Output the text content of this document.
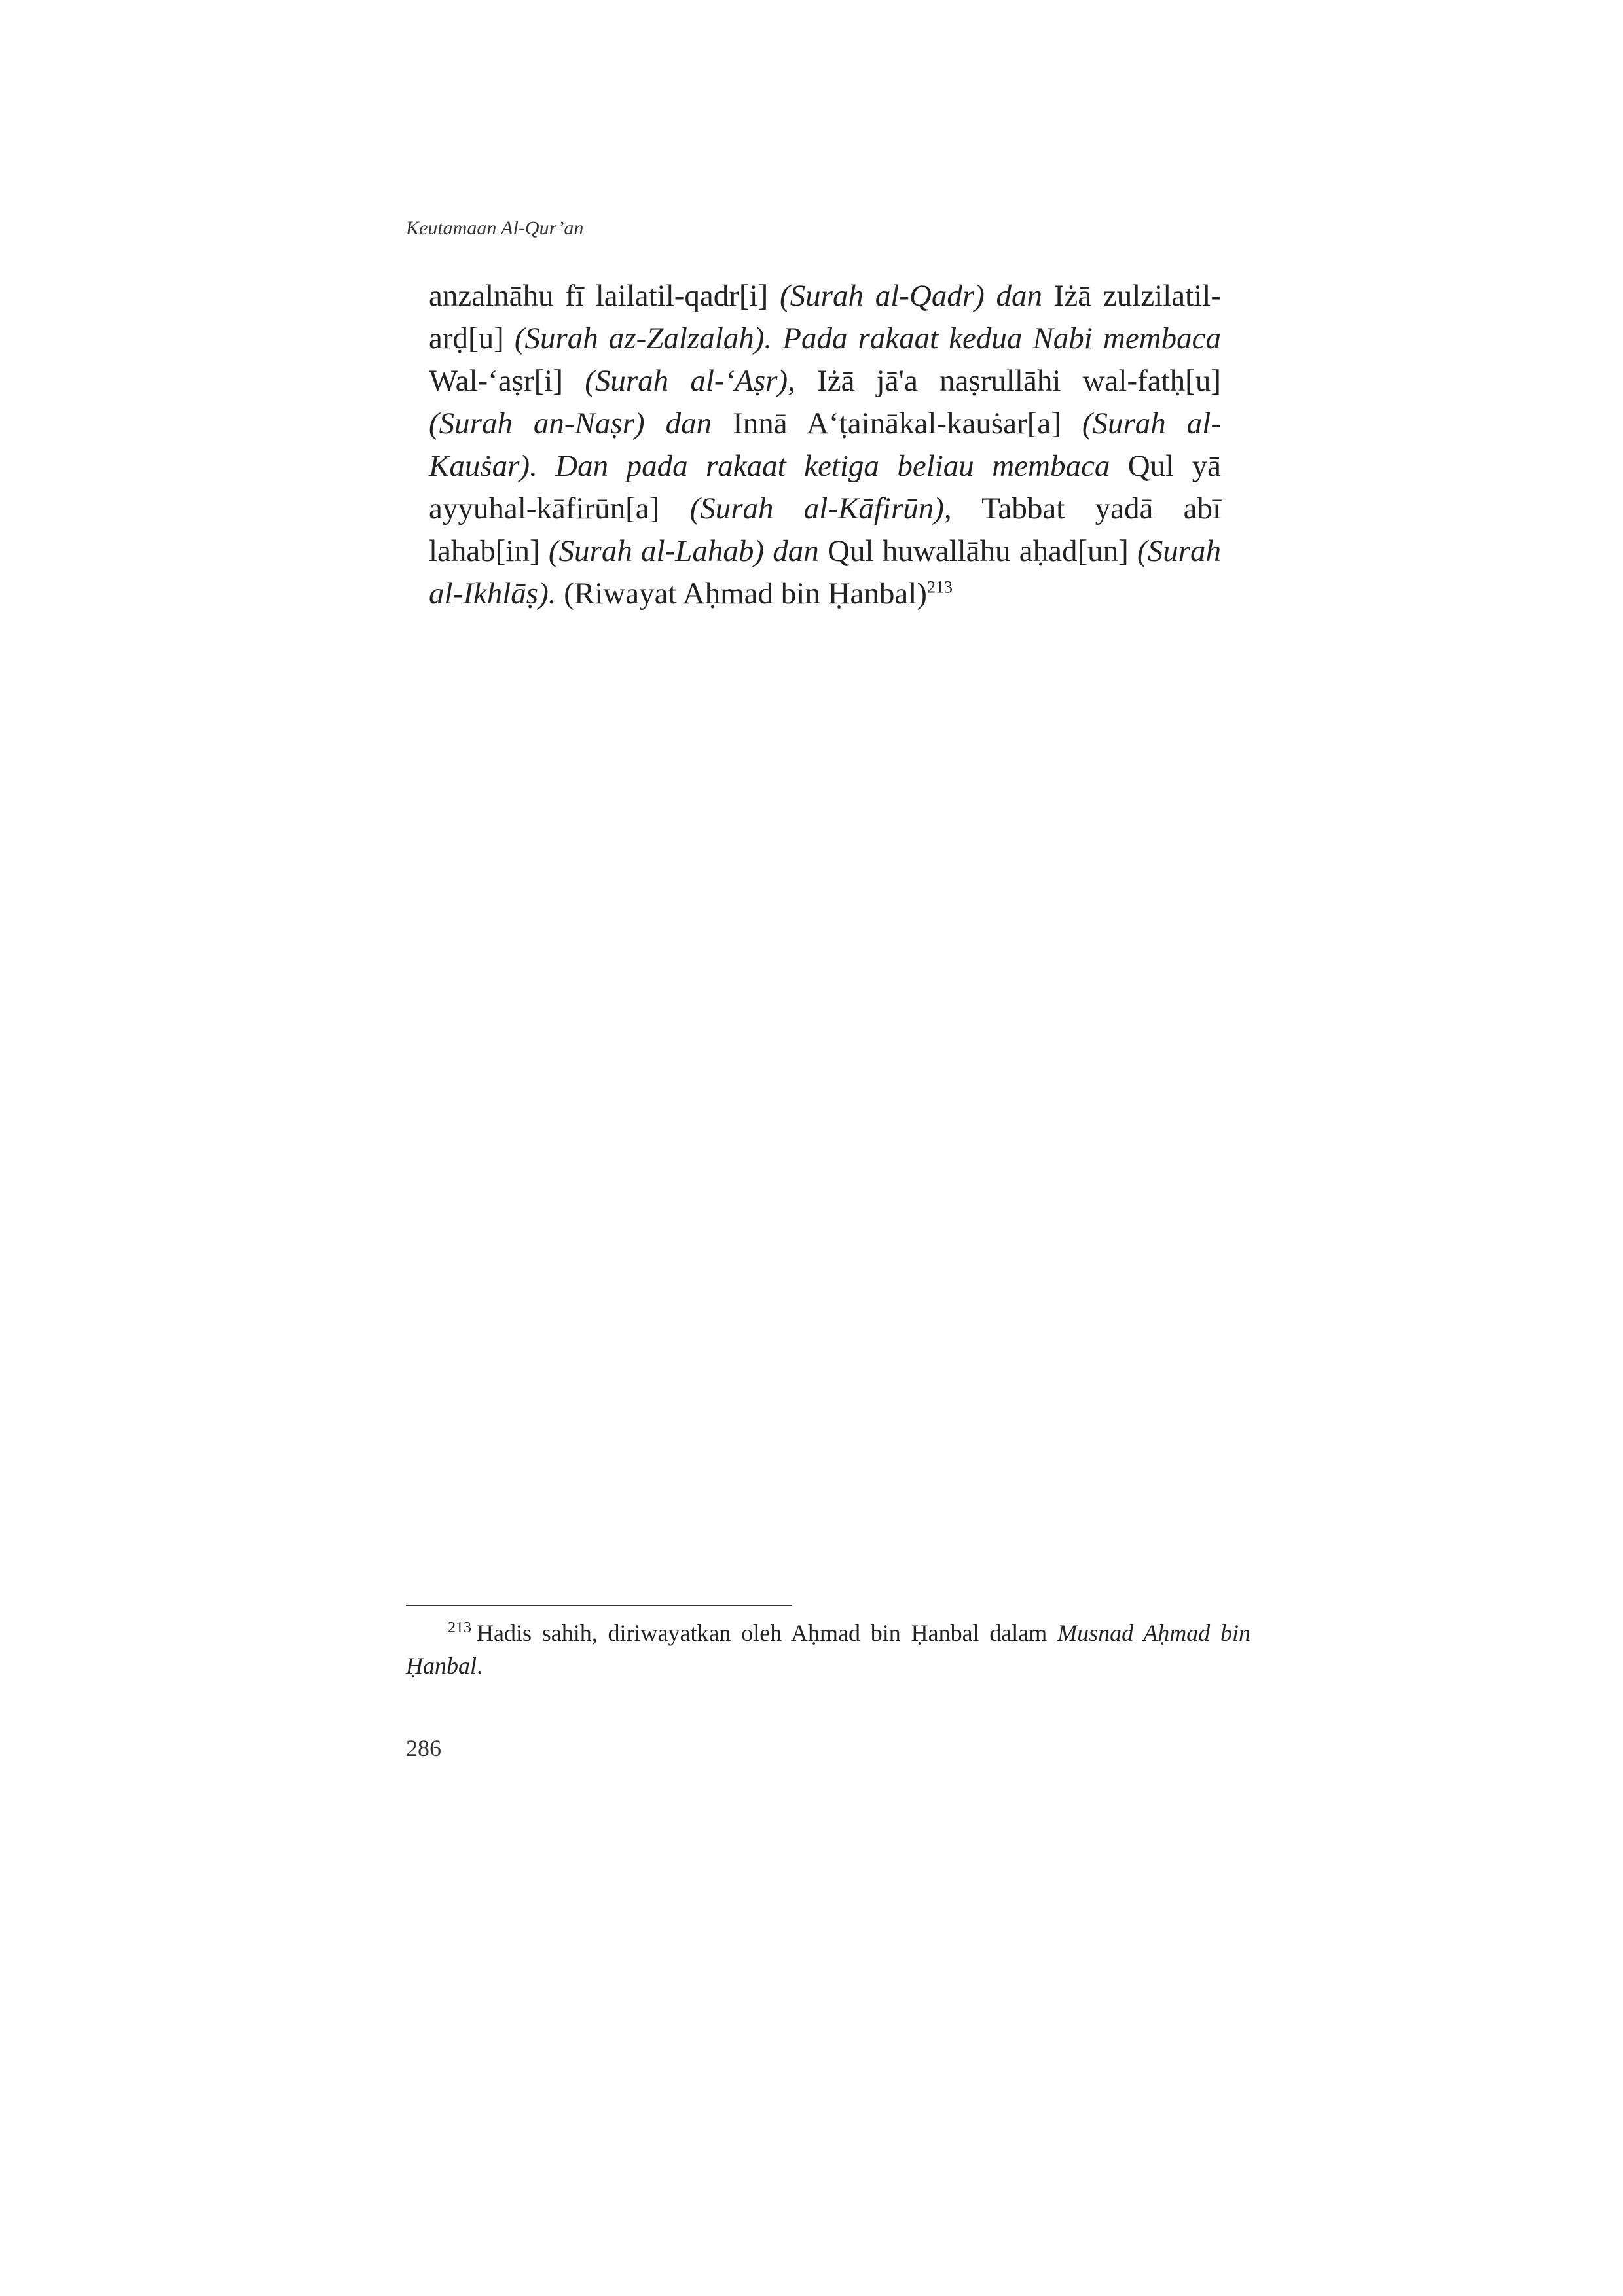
Keutamaan Al-Qur’an

anzalnāhu fī lailatil-qadr[i] (Surah al-Qadr) dan Iżā zulzilatil-arḍ[u] (Surah az-Zalzalah). Pada rakaat kedua Nabi membaca Wal-‘aṣr[i] (Surah al-‘Aṣr), Iżā jā'a naṣrullāhi wal-fatḥ[u] (Surah an-Naṣr) dan Innā A‘ṭainākal-kauṡar[a] (Surah al-Kauṡar). Dan pada rakaat ketiga beliau membaca Qul yā ayyuhal-kāfirūn[a] (Surah al-Kāfirūn), Tabbat yadā abī lahab[in] (Surah al-Lahab) dan Qul huwallāhu aḥad[un] (Surah al-Ikhlāṣ). (Riwayat Aḥmad bin Ḥanbal)$^{213}$

$^{213}$ Hadis sahih, diriwayatkan oleh Aḥmad bin Ḥanbal dalam Musnad Aḥmad bin Ḥanbal.

286
